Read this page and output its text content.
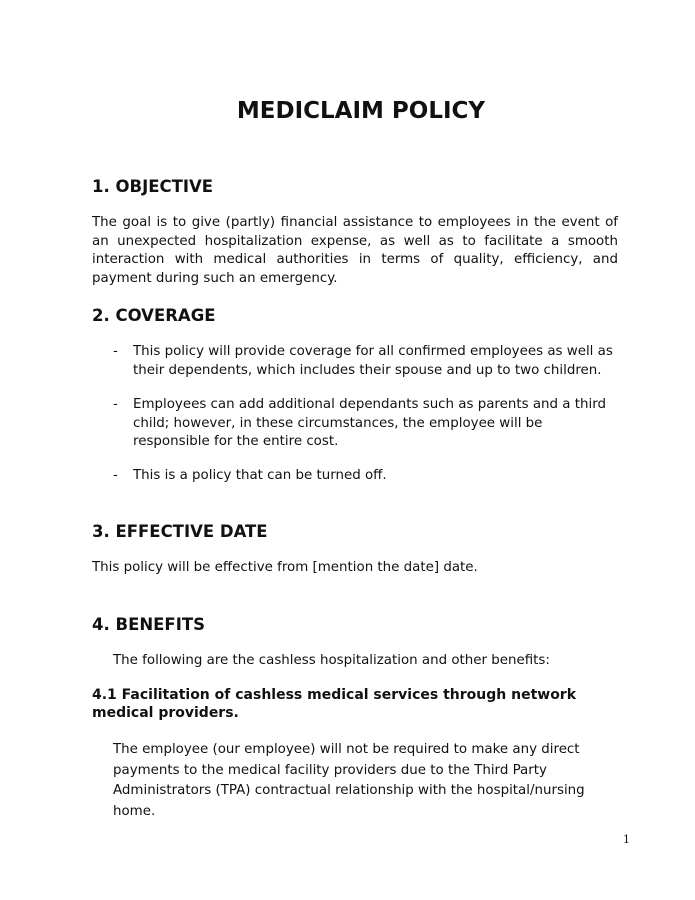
MEDICLAIM POLICY
1. OBJECTIVE

The goal is to give (partly) financial assistance to employees in the event of an unexpected hospitalization expense, as well as to facilitate a smooth interaction with medical authorities in terms of quality, efficiency, and payment during such an emergency.

2. COVERAGE
- This policy will provide coverage for all confirmed employees as well as their dependents, which includes their spouse and up to two children.
- Employees can add additional dependants such as parents and a third child; however, in these circumstances, the employee will be responsible for the entire cost.
- This is a policy that can be turned off.
3. EFFECTIVE DATE

This policy will be effective from [mention the date] date.

4. BENEFITS

The following are the cashless hospitalization and other benefits:

4.1 Facilitation of cashless medical services through network medical providers.

The employee (our employee) will not be required to make any direct payments to the medical facility providers due to the Third Party Administrators (TPA) contractual relationship with the hospital/nursing home.

1
